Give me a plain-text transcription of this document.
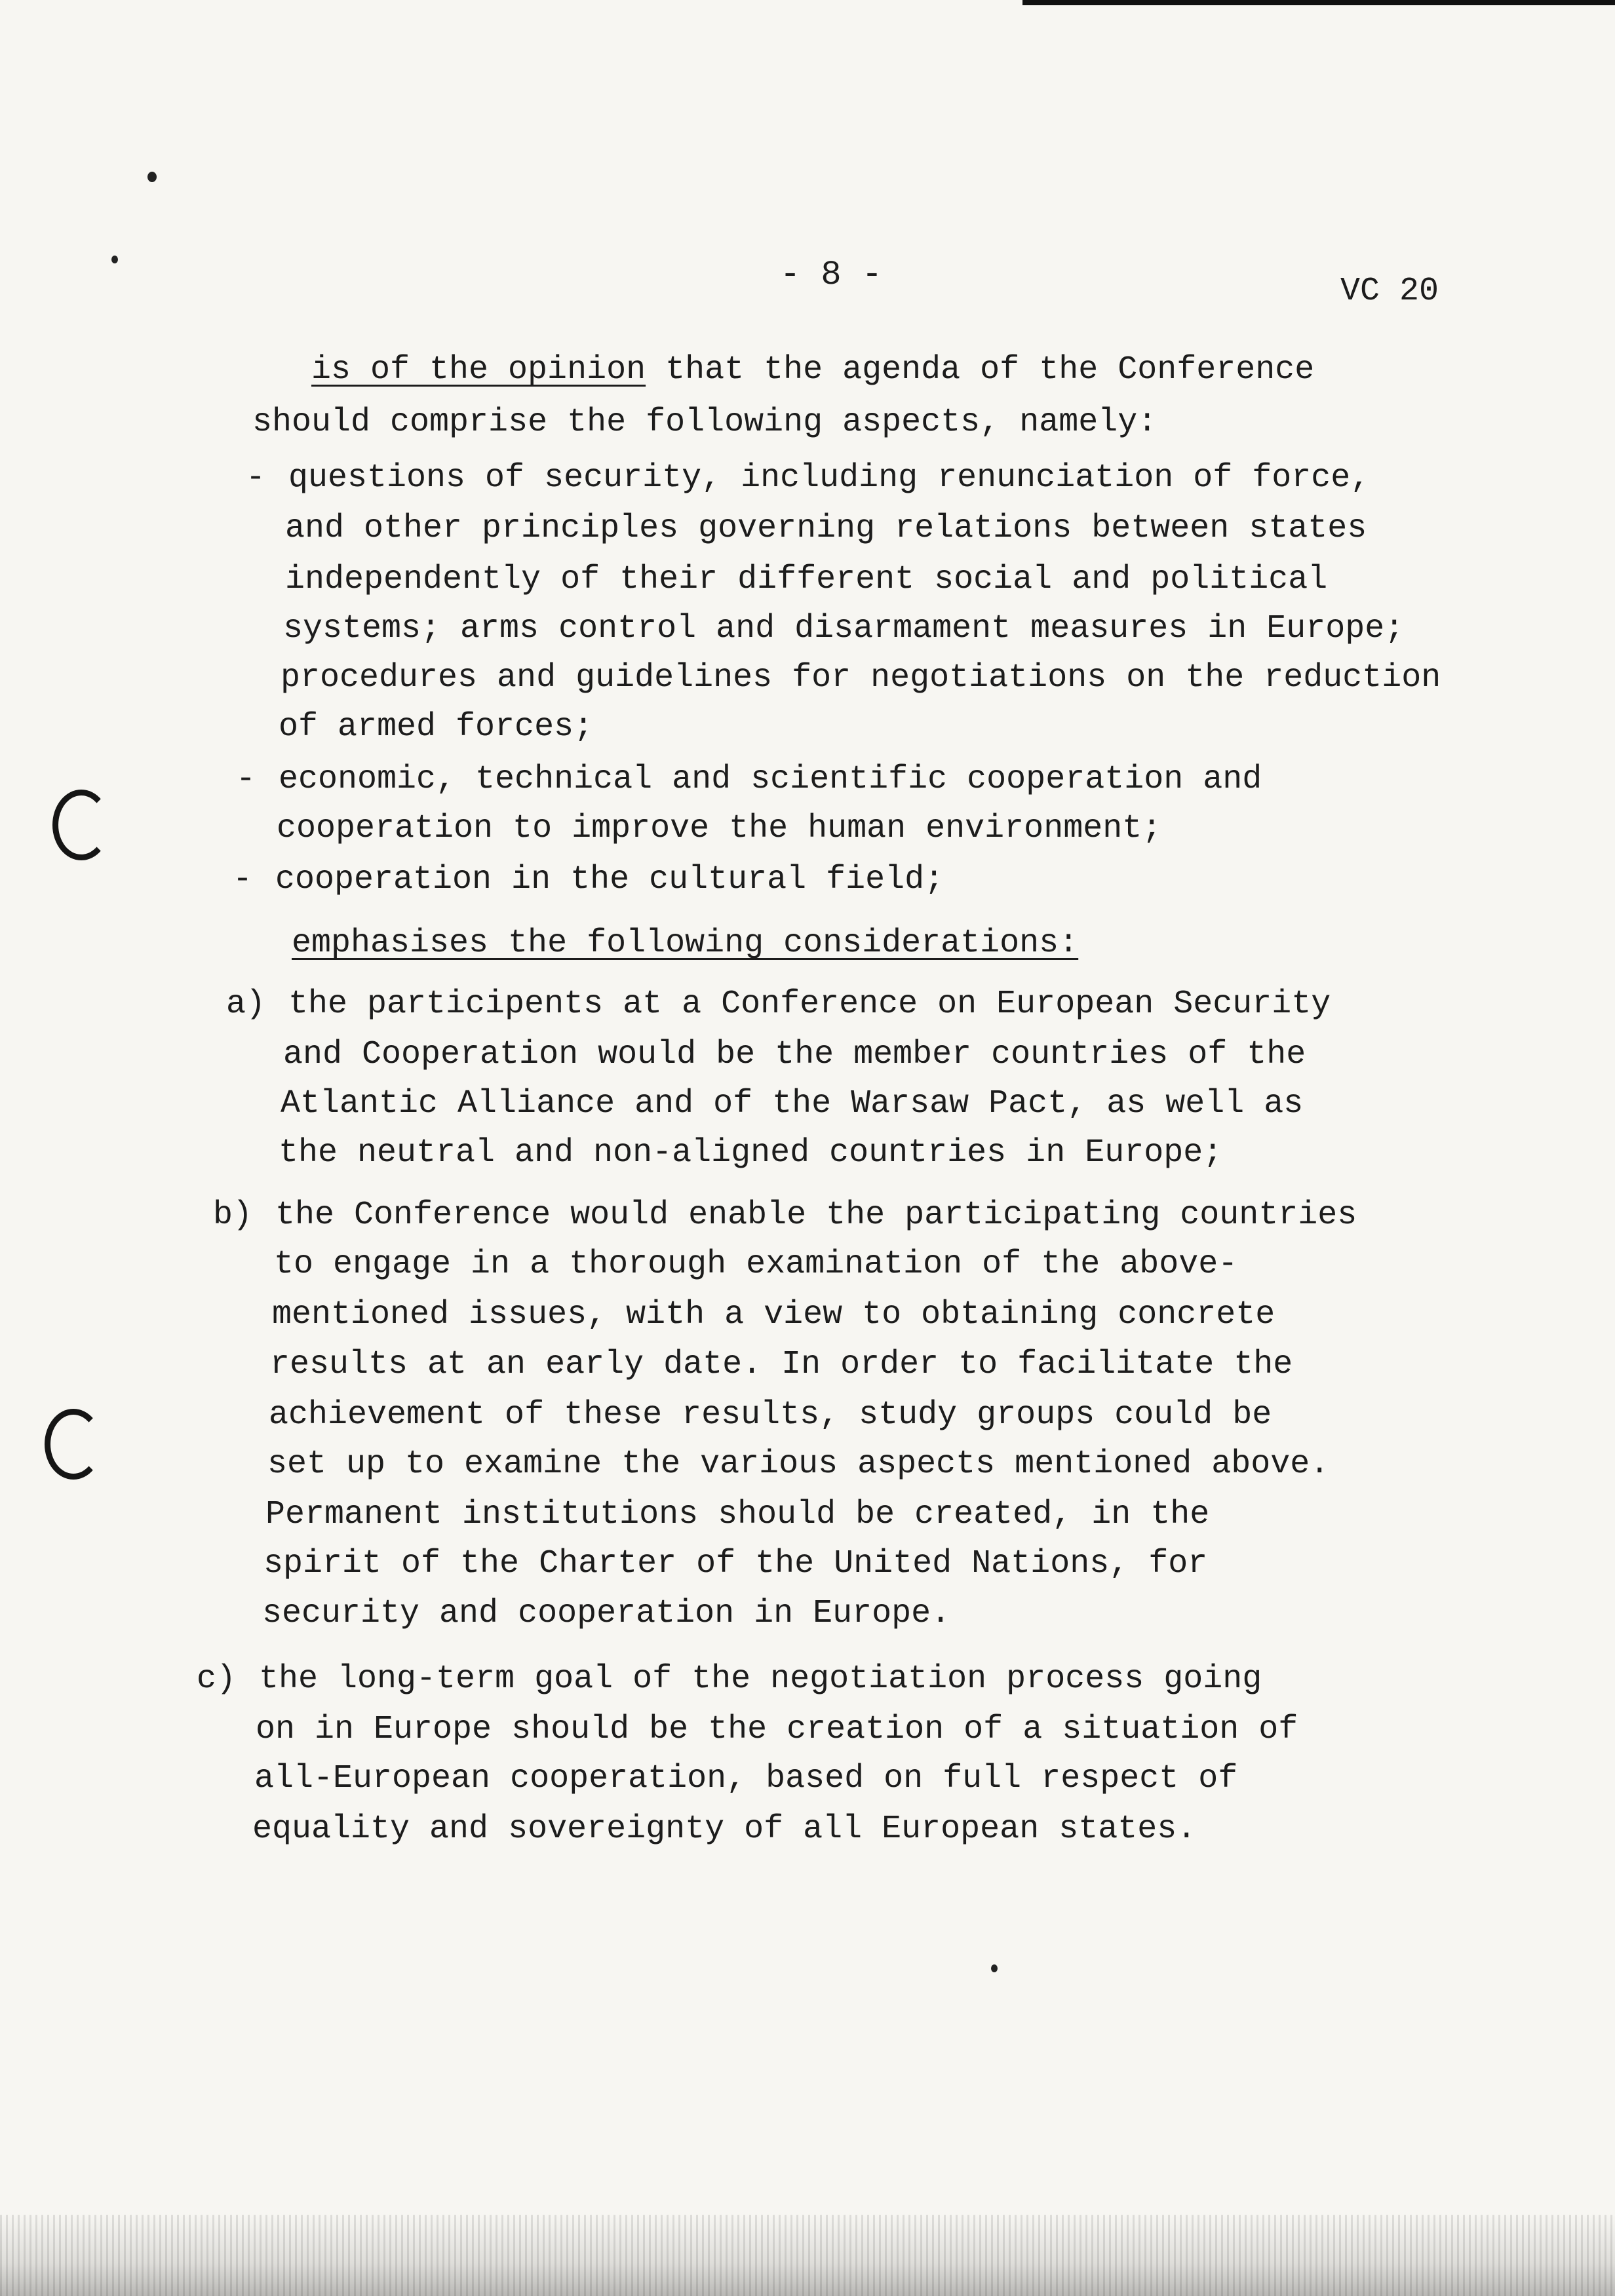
- 8 -	VC 20
is of the opinion that the agenda of the Conference
should comprise the following aspects, namely:
- questions of security, including renunciation of force,
and other principles governing relations between states
independently of their different social and political
systems; arms control and disarmament measures in Europe;
procedures and guidelines for negotiations on the reduction
of armed forces;
- economic, technical and scientific cooperation and
cooperation to improve the human environment;
- cooperation in the cultural field;
emphasises the following considerations:
a) the participents at a Conference on European Security
and Cooperation would be the member countries of the
Atlantic Alliance and of the Warsaw Pact, as well as
the neutral and non-aligned countries in Europe;
b) the Conference would enable the participating countries
to engage in a thorough examination of the above-
mentioned issues, with a view to obtaining concrete
results at an early date. In order to facilitate the
achievement of these results, study groups could be
set up to examine the various aspects mentioned above.
Permanent institutions should be created, in the
spirit of the Charter of the United Nations, for
security and cooperation in Europe.
c) the long-term goal of the negotiation process going
on in Europe should be the creation of a situation of
all-European cooperation, based on full respect of
equality and sovereignty of all European states.
